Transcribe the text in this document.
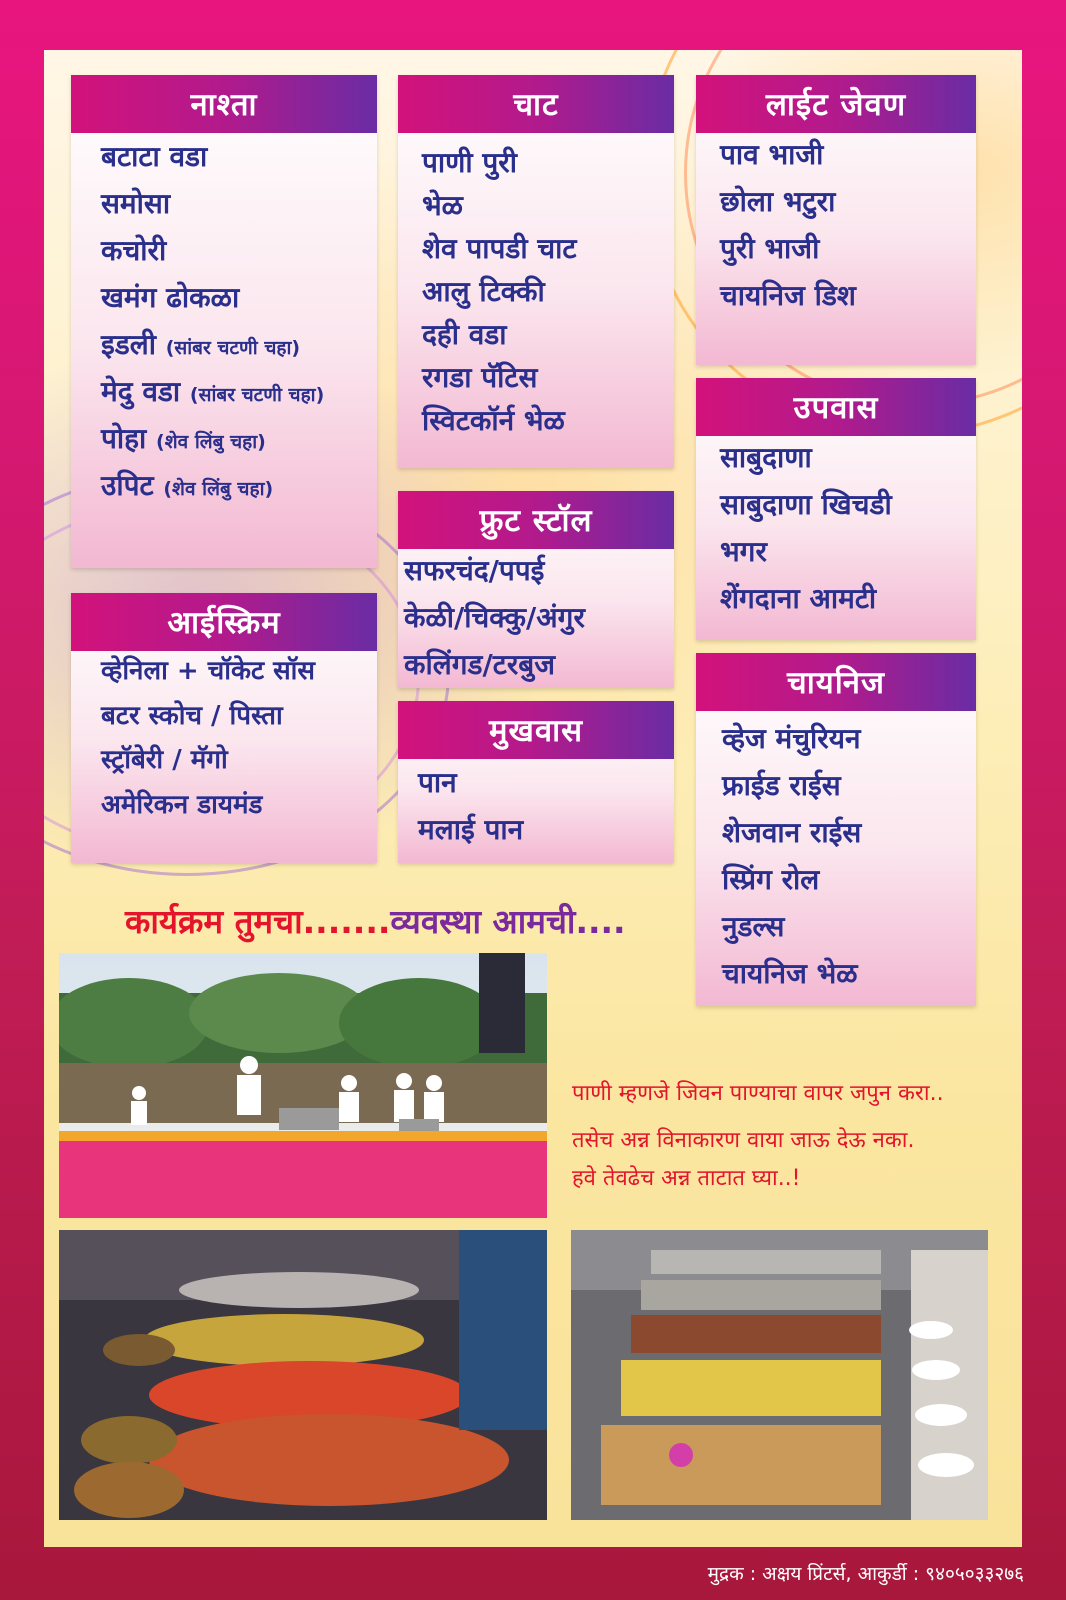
नाश्ता
बटाटा वडा
समोसा
कचोरी
खमंग ढोकळा
इडली (सांबर चटणी चहा)
मेदु वडा (सांबर चटणी चहा)
पोहा (शेव लिंबु चहा)
उपिट (शेव लिंबु चहा)
चाट
पाणी पुरी
भेळ
शेव पापडी चाट
आलु टिक्की
दही वडा
रगडा पॅटिस
स्विटकॉर्न भेळ
लाईट जेवण
पाव भाजी
छोला भटुरा
पुरी भाजी
चायनिज डिश
फ्रुट स्टॉल
सफरचंद/पपई
केळी/चिक्कु/अंगुर
कलिंगड/टरबुज
उपवास
साबुदाणा
साबुदाणा खिचडी
भगर
शेंगदाना आमटी
आईस्क्रिम
व्हेनिला + चॉकेट सॉस
बटर स्कोच / पिस्ता
स्ट्रॉबेरी / मॅगो
अमेरिकन डायमंड
मुखवास
पान
मलाई पान
चायनिज
व्हेज मंचुरियन
फ्राईड राईस
शेजवान राईस
स्प्रिंग रोल
नुडल्स
चायनिज भेळ
कार्यक्रम तुमचा.......व्यवस्था आमची....
पाणी म्हणजे जिवन पाण्याचा वापर जपुन करा..
तसेच अन्न विनाकारण वाया जाऊ देऊ नका.
हवे तेवढेच अन्न ताटात घ्या..!
मुद्रक : अक्षय प्रिंटर्स, आकुर्डी : ९४०५०३३२७६
